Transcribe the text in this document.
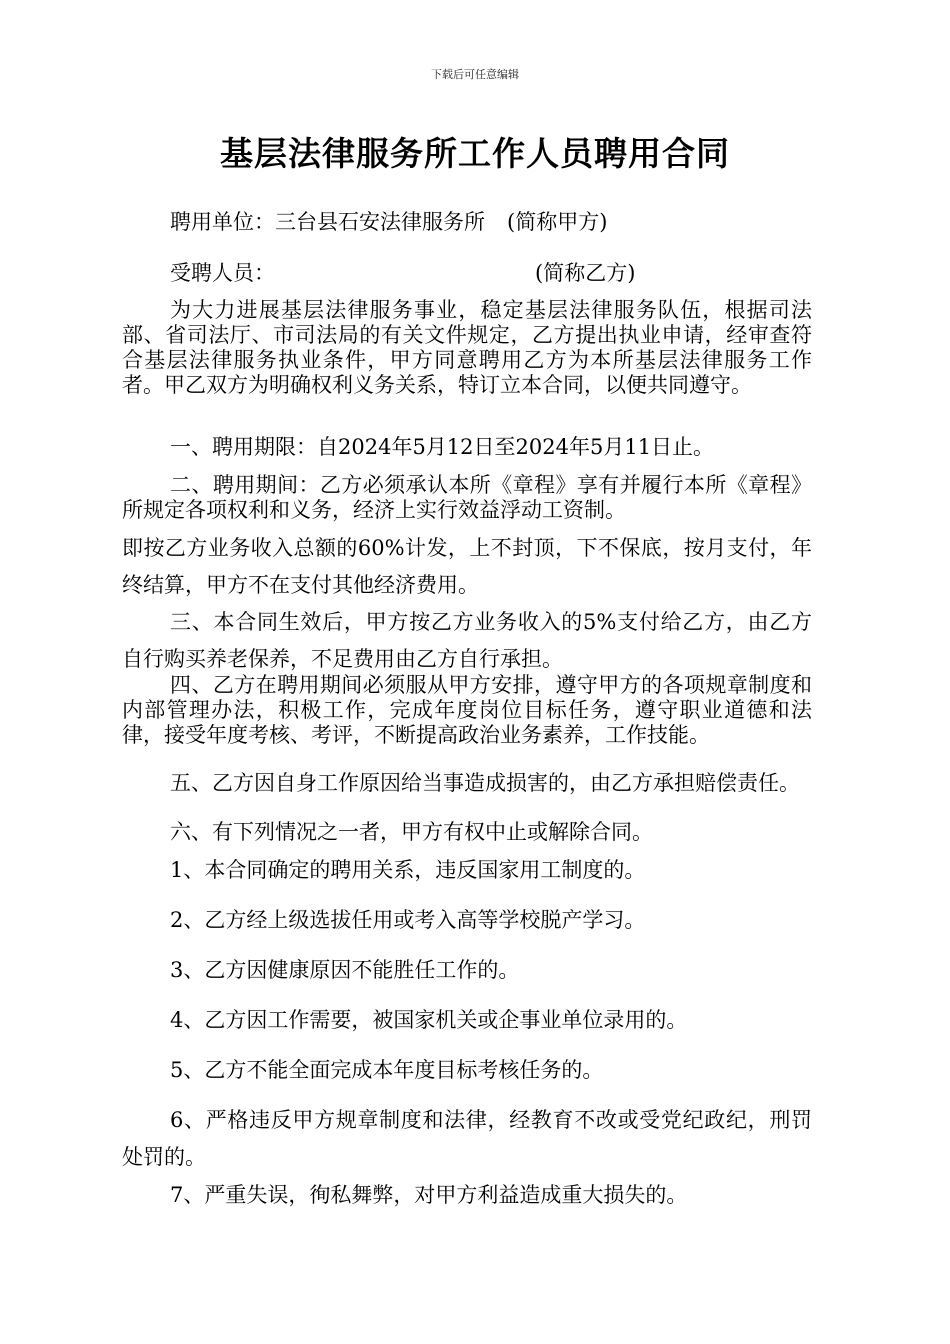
下载后可任意编辑
基层法律服务所工作人员聘用合同
聘用单位：三台县石安法律服务所 (简称甲方)
受聘人员：	(简称乙方)
为大力进展基层法律服务事业，稳定基层法律服务队伍，根据司法部、省司法厅、市司法局的有关文件规定，乙方提出执业申请，经审查符合基层法律服务执业条件，甲方同意聘用乙方为本所基层法律服务工作者。甲乙双方为明确权利义务关系，特订立本合同，以便共同遵守。
一、聘用期限：自2024年5月12日至2024年5月11日止。
二、聘用期间：乙方必须承认本所《章程》享有并履行本所《章程》所规定各项权利和义务，经济上实行效益浮动工资制。
即按乙方业务收入总额的60%计发，上不封顶，下不保底，按月支付，年终结算，甲方不在支付其他经济费用。
三、本合同生效后，甲方按乙方业务收入的5%支付给乙方，由乙方自行购买养老保养，不足费用由乙方自行承担。
四、乙方在聘用期间必须服从甲方安排，遵守甲方的各项规章制度和内部管理办法，积极工作，完成年度岗位目标任务，遵守职业道德和法律，接受年度考核、考评，不断提高政治业务素养，工作技能。
五、乙方因自身工作原因给当事造成损害的，由乙方承担赔偿责任。
六、有下列情况之一者，甲方有权中止或解除合同。
1、本合同确定的聘用关系，违反国家用工制度的。
2、乙方经上级选拔任用或考入高等学校脱产学习。
3、乙方因健康原因不能胜任工作的。
4、乙方因工作需要，被国家机关或企事业单位录用的。
5、乙方不能全面完成本年度目标考核任务的。
6、严格违反甲方规章制度和法律，经教育不改或受党纪政纪，刑罚处罚的。
7、严重失误，徇私舞弊，对甲方利益造成重大损失的。
